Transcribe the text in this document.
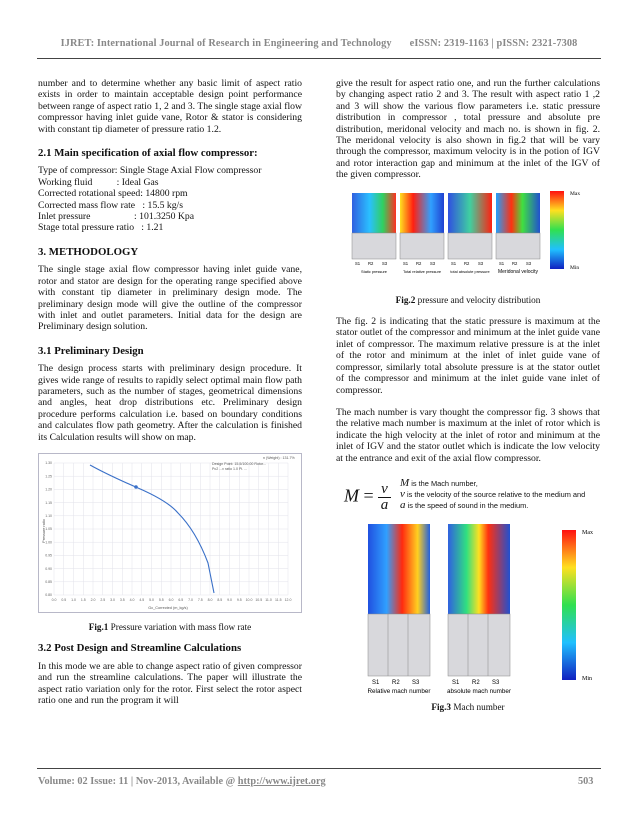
IJRET: International Journal of Research in Engineering and Technology eISSN: 2319-1163 | pISSN: 2321-7308

number and to determine whether any basic limit of aspect ratio exists in order to maintain acceptable design point performance between range of aspect ratio 1, 2 and 3. The single stage axial flow compressor having inlet guide vane, Rotor & stator is considering with constant tip diameter of pressure ratio 1.2.

2.1 Main specification of axial flow compressor:

Type of compressor: Single Stage Axial Flow compressor
Working fluid          : Ideal Gas
Corrected rotational speed: 14800 rpm
Corrected mass flow rate   : 15.5 kg/s
Inlet pressure                  : 101.3250 Kpa
Stage total pressure ratio   : 1.21

3. METHODOLOGY

The single stage axial flow compressor having inlet guide vane, rotor and stator are design for the operating range specified above with constant tip diameter in preliminary design mode. The preliminary design mode will give the outline of the compressor with inlet and outlet parameters. Initial data for the design are Preliminary design solution.

3.1 Preliminary Design

The design process starts with preliminary design procedure. It gives wide range of results to rapidly select optimal main flow path parameters, such as the number of stages, geometrical dimensions and angles, heat drop distributions etc. Preliminary design procedure performs calculation i.e. based on boundary conditions and calculates flow path geometry. After the calculation is finished its Calculation results will show on map.

1.30
1.25
1.20
1.15
1.10
1.05
1.00
0.95
0.90
0.85
0.80
0.0 0.5 1.0 1.5 2.0 2.5 3.0 3.5 4.0 4.5 5.0 5.5 6.0 6.5 7.0 7.5 8.0 8.5 9.0 9.5 10.0 10.5 11.0 11.5 12.0
n (Weight) : 131.7%
Design Point: 15.5/100.00 Rotor...
Pc2 ...v ratio 1.0 Pi. ...
Gc_Corrected (m_kg/s)
Pressure ratio

Fig.1 Pressure variation with mass flow rate

3.2 Post Design and Streamline Calculations

In this mode we are able to change aspect ratio of given compressor and run the streamline calculations. The paper will illustrate the aspect ratio variation only for the rotor. First select the rotor aspect ratio one and run the program it will

give the result for aspect ratio one, and run the further calculations by changing aspect ratio 2 and 3. The result with aspect ratio 1 ,2 and 3 will show the various flow parameters i.e. static pressure distribution in compressor , total pressure and absolute pre distribution, meridonal velocity and mach no. is shown in fig. 2. The meridonal velocity is also shown in fig.2 that will be vary through the compressor, maximum velocity is in the potion of IGV and rotor interaction gap and minimum at the inlet of the IGV of the given compressor.

Max
Min
S1 R2 S3	S1 R2 S3	S1 R2 S3	S1 R2 S3
Static pressure	Total relative pressure total absolute pressure Meridonal velocity

Fig.2 pressure and velocity distribution

The fig. 2 is indicating that the static pressure is maximum at the stator outlet of the compressor and minimum at the inlet guide vane inlet of compressor. The maximum relative pressure is at the inlet of the rotor and minimum at the inlet of inlet guide vane of compressor, similarly total absolute pressure is at the stator outlet of the compressor and minimum at the inlet guide vane inlet of compressor.

The mach number is vary thought the compressor fig. 3 shows that the relative mach number is maximum at the inlet of rotor which is indicate the high velocity at the inlet of rotor and minimum at the inlet of IGV and the stator outlet which is indicate the low velocity at the entrance and exit of the axial flow compressor.

$M = \frac{v}{a}$ M is the Mach number,
v is the velocity of the source relative to the medium and
a is the speed of sound in the medium.
Max
Min
S1 R2 S3	S1 R2 S3
Relative mach number	absolute mach number

Fig.3 Mach number

Volume: 02 Issue: 11 | Nov-2013, Available @ http://www.ijret.org	503
